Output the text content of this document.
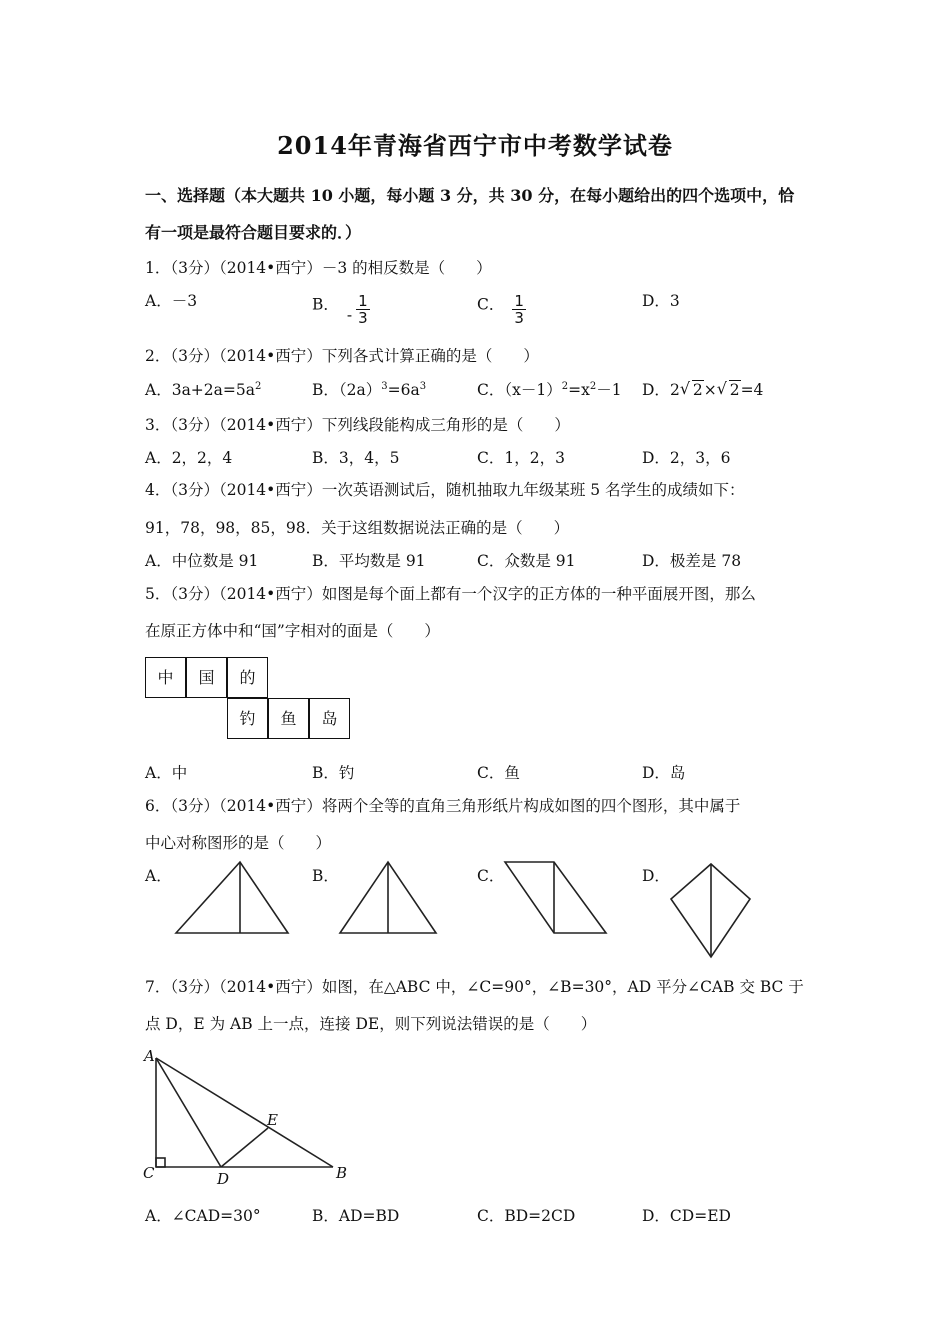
2014年青海省西宁市中考数学试卷
一、选择题（本大题共 10 小题，每小题 3 分，共 30 分，在每小题给出的四个选项中，恰
有一项是最符合题目要求的．）
1．（3分）（2014•西宁）－3 的相反数是（　　）
A．－3	B．- $\frac{1}{3}$	C． $\frac{1}{3}$	D．3
2．（3分）（2014•西宁）下列各式计算正确的是（　　）
A．$3a+2a=5a^2$	B．$(2a)^3=6a^3$	C．$(x-1)^2=x^2-1$ D．2 √ 2× √ 2=4
3．（3分）（2014•西宁）下列线段能构成三角形的是（　　）
A．2，2，4	B．3，4，5	C．1，2，3	D．2，3，6
4．（3分）（2014•西宁）一次英语测试后，随机抽取九年级某班 5 名学生的成绩如下：
91，78，98，85，98．关于这组数据说法正确的是（　　）
A．中位数是 91	B．平均数是 91	C．众数是 91	D．极差是 78
5．（3分）（2014•西宁）如图是每个面上都有一个汉字的正方体的一种平面展开图，那么
在原正方体中和“国”字相对的面是（　　）
中	国	的
钓	鱼	岛
A．中	B．钓	C．鱼	D．岛
6．（3分）（2014•西宁）将两个全等的直角三角形纸片构成如图的四个图形，其中属于
中心对称图形的是（　　）
A．	B．	C．	D．
7．（3分）（2014•西宁）如图，在△ABC 中，∠C=90°，∠B=30°，AD 平分∠CAB 交 BC 于
点 D，E 为 AB 上一点，连接 DE，则下列说法错误的是（　　）
A
C	D
E
B
A．∠CAD=30°	B．AD=BD	C．BD=2CD	D．CD=ED
